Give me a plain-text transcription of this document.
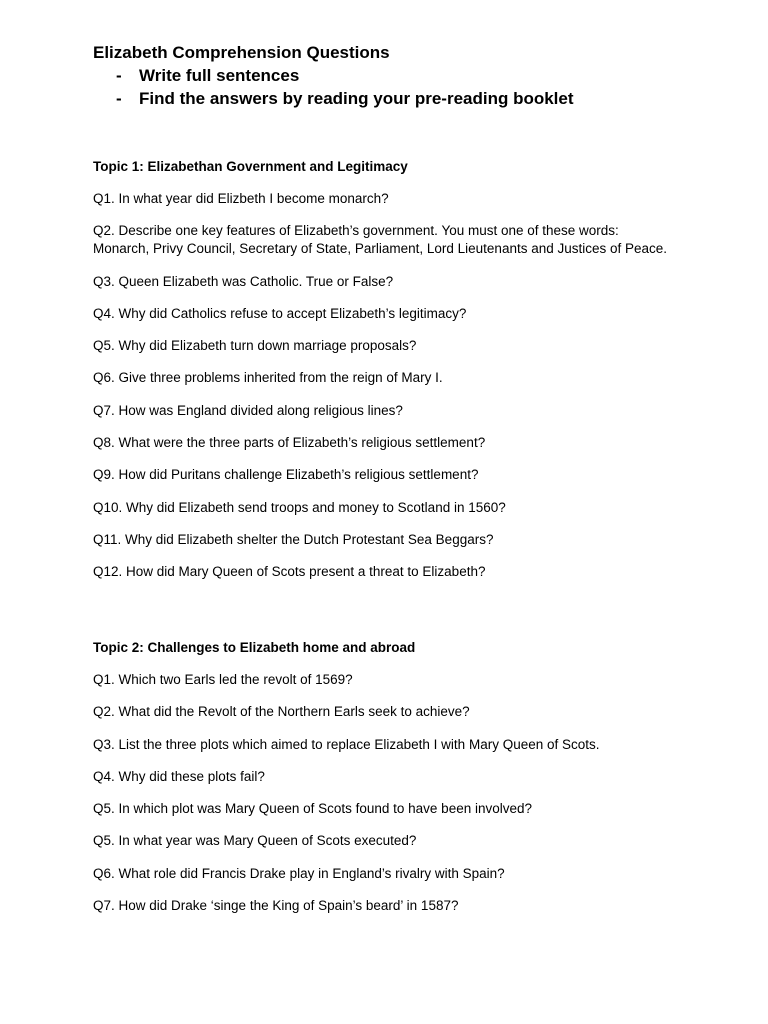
Elizabeth Comprehension Questions
- Write full sentences
- Find the answers by reading your pre-reading booklet
Topic 1: Elizabethan Government and Legitimacy

Q1. In what year did Elizbeth I become monarch?

Q2. Describe one key features of Elizabeth’s government. You must one of these words: Monarch, Privy Council, Secretary of State, Parliament, Lord Lieutenants and Justices of Peace.

Q3. Queen Elizabeth was Catholic. True or False?

Q4. Why did Catholics refuse to accept Elizabeth’s legitimacy?

Q5. Why did Elizabeth turn down marriage proposals?

Q6. Give three problems inherited from the reign of Mary I.

Q7. How was England divided along religious lines?

Q8. What were the three parts of Elizabeth’s religious settlement?

Q9. How did Puritans challenge Elizabeth’s religious settlement?

Q10. Why did Elizabeth send troops and money to Scotland in 1560?

Q11. Why did Elizabeth shelter the Dutch Protestant Sea Beggars?

Q12. How did Mary Queen of Scots present a threat to Elizabeth?

Topic 2: Challenges to Elizabeth home and abroad

Q1. Which two Earls led the revolt of 1569?

Q2. What did the Revolt of the Northern Earls seek to achieve?

Q3. List the three plots which aimed to replace Elizabeth I with Mary Queen of Scots.

Q4. Why did these plots fail?

Q5. In which plot was Mary Queen of Scots found to have been involved?

Q5. In what year was Mary Queen of Scots executed?

Q6. What role did Francis Drake play in England’s rivalry with Spain?

Q7. How did Drake ‘singe the King of Spain’s beard’ in 1587?
